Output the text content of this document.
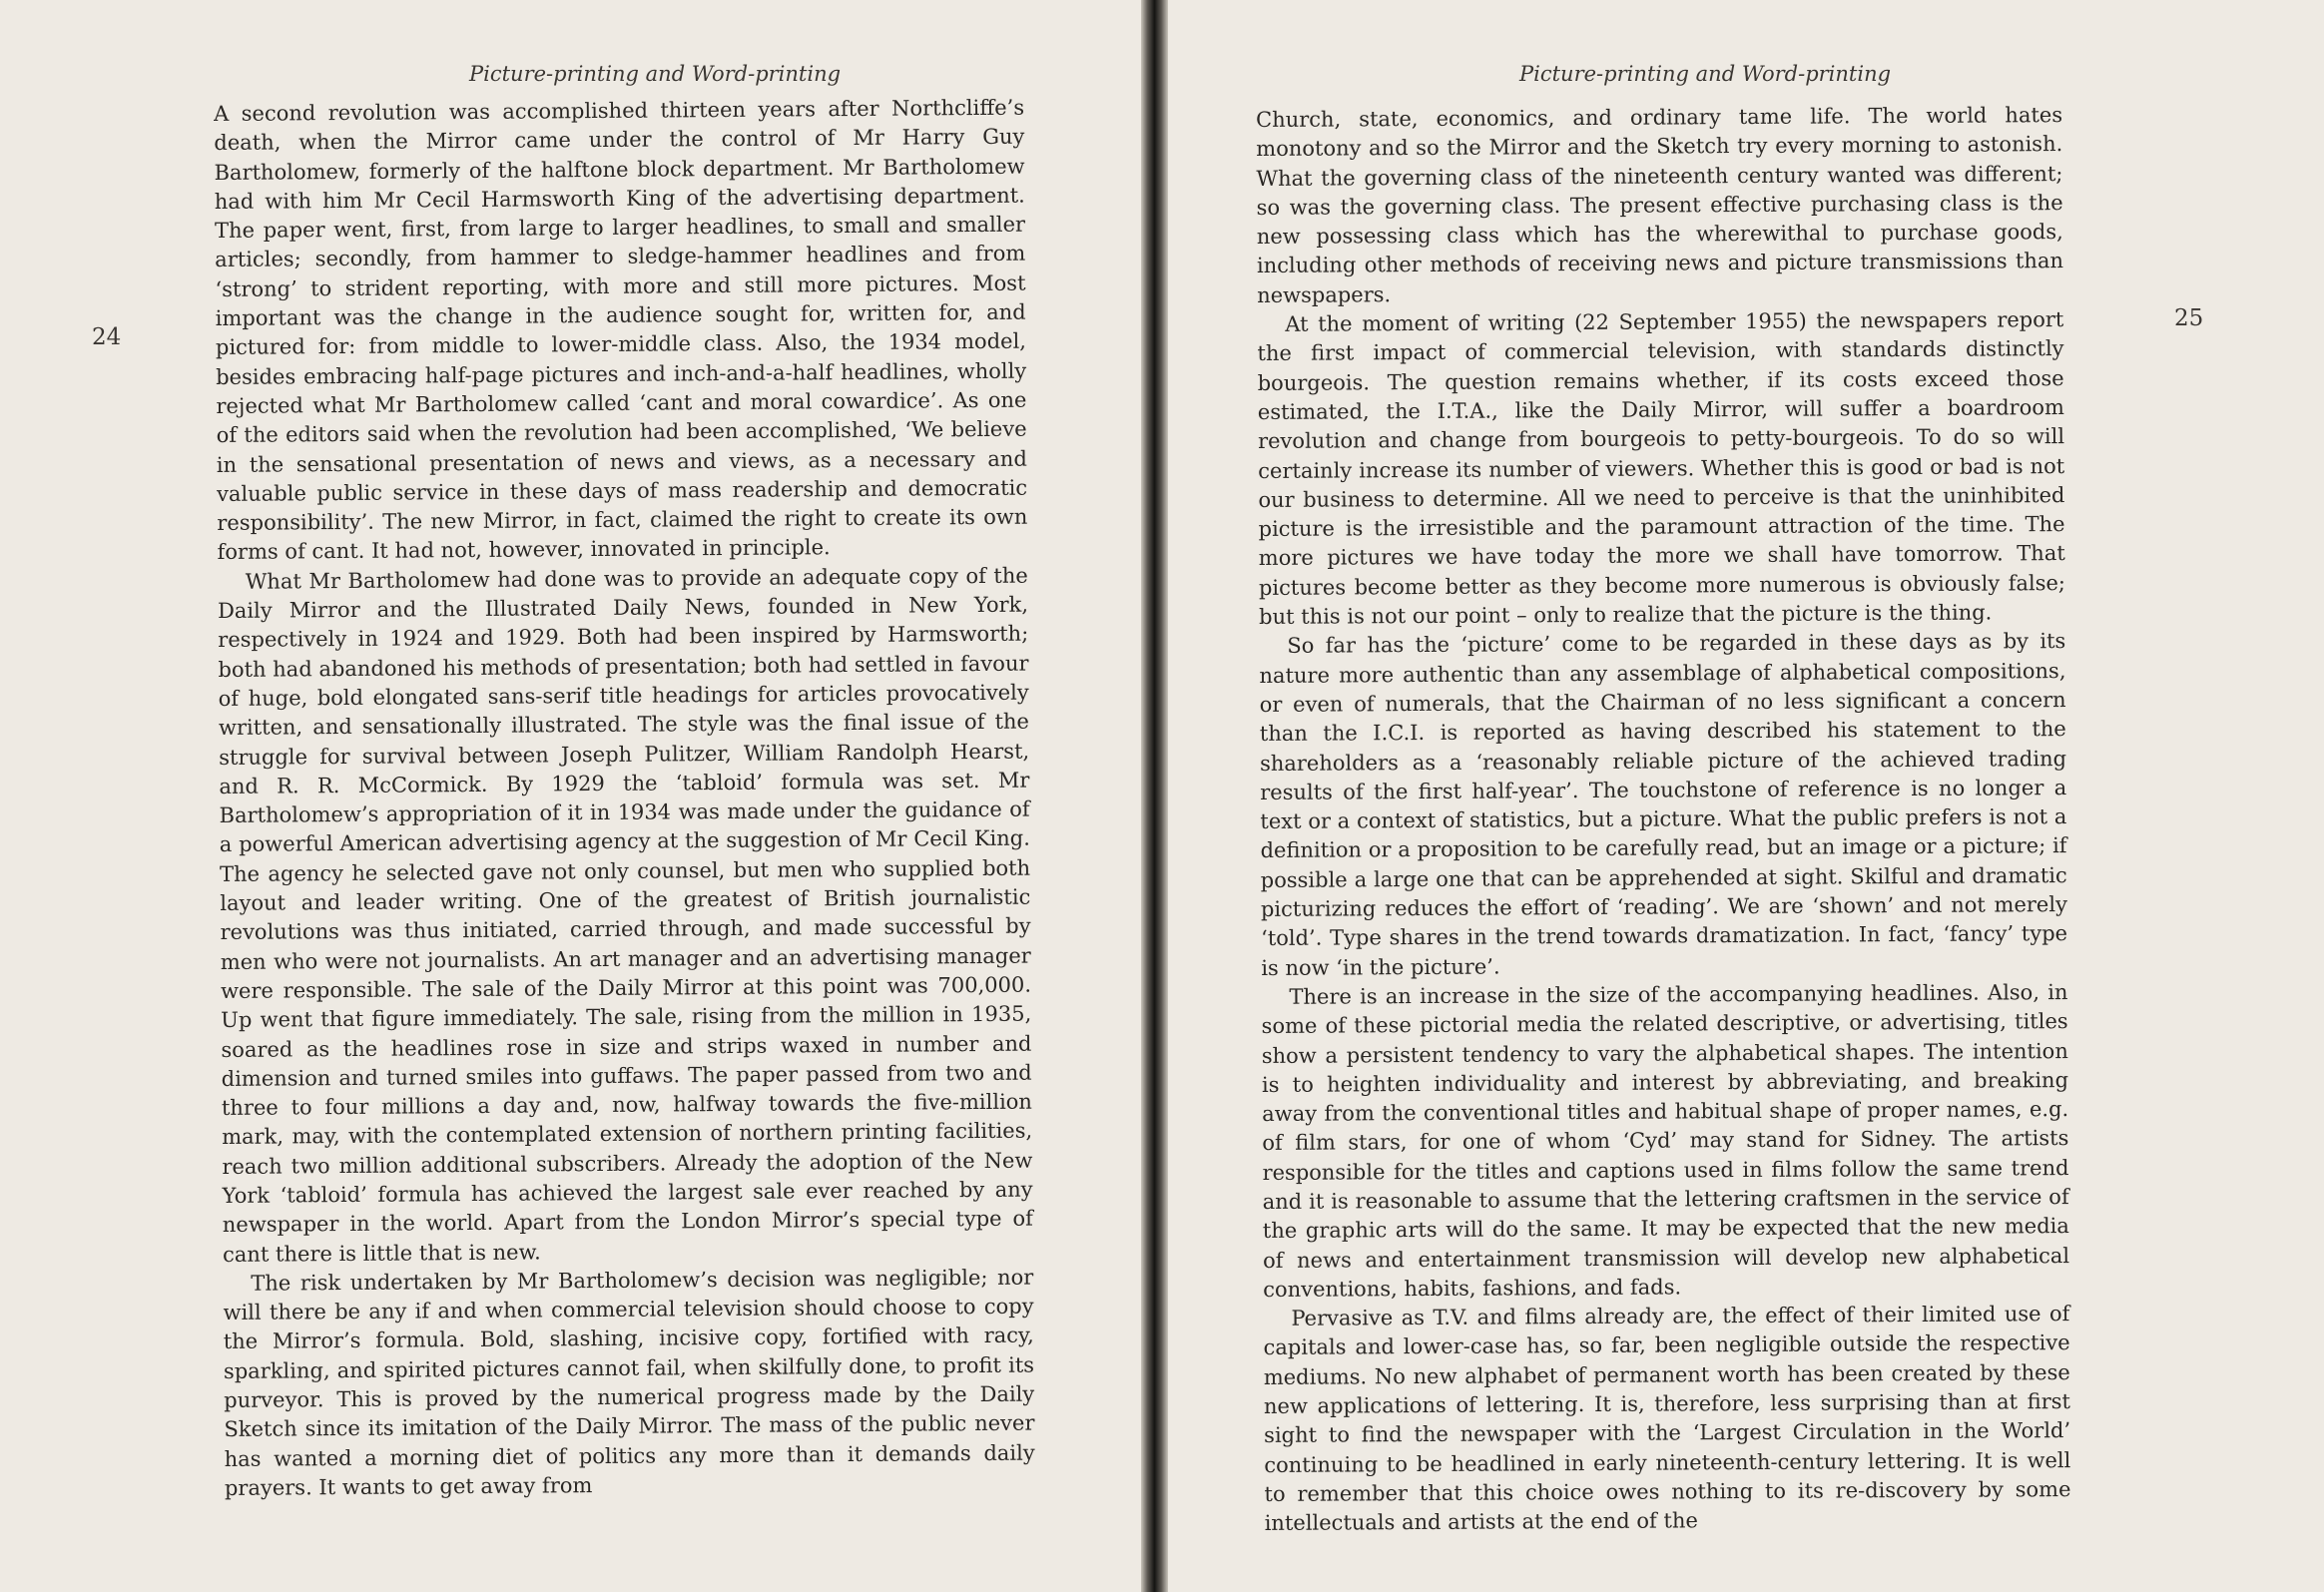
Picture-printing and Word-printing
24

A second revolution was accomplished thirteen years after Northcliffe’s death, when the Mirror came under the control of Mr Harry Guy Bartholomew, formerly of the halftone block department. Mr Bartholomew had with him Mr Cecil Harmsworth King of the advertising department. The paper went, first, from large to larger headlines, to small and smaller articles; secondly, from hammer to sledge-hammer headlines and from ‘strong’ to strident reporting, with more and still more pictures. Most important was the change in the audience sought for, written for, and pictured for: from middle to lower-middle class. Also, the 1934 model, besides embracing half-page pictures and inch-and-a-half headlines, wholly rejected what Mr Bartholomew called ‘cant and moral cowardice’. As one of the editors said when the revolution had been accomplished, ‘We believe in the sensational presentation of news and views, as a necessary and valuable public service in these days of mass readership and democratic responsibility’. The new Mirror, in fact, claimed the right to create its own forms of cant. It had not, however, innovated in principle.

What Mr Bartholomew had done was to provide an adequate copy of the Daily Mirror and the Illustrated Daily News, founded in New York, respectively in 1924 and 1929. Both had been inspired by Harmsworth; both had abandoned his methods of presentation; both had settled in favour of huge, bold elongated sans-serif title headings for articles provocatively written, and sensationally illustrated. The style was the final issue of the struggle for survival between Joseph Pulitzer, William Randolph Hearst, and R. R. McCormick. By 1929 the ‘tabloid’ formula was set. Mr Bartholomew’s appropriation of it in 1934 was made under the guidance of a powerful American advertising agency at the suggestion of Mr Cecil King. The agency he selected gave not only counsel, but men who supplied both layout and leader writing. One of the greatest of British journalistic revolutions was thus initiated, carried through, and made successful by men who were not journalists. An art manager and an advertising manager were responsible. The sale of the Daily Mirror at this point was 700,000. Up went that figure immediately. The sale, rising from the million in 1935, soared as the headlines rose in size and strips waxed in number and dimension and turned smiles into guffaws. The paper passed from two and three to four millions a day and, now, halfway towards the five-million mark, may, with the contemplated extension of northern printing facilities, reach two million additional subscribers. Already the adoption of the New York ‘tabloid’ formula has achieved the largest sale ever reached by any newspaper in the world. Apart from the London Mirror’s special type of cant there is little that is new.

The risk undertaken by Mr Bartholomew’s decision was negligible; nor will there be any if and when commercial television should choose to copy the Mirror’s formula. Bold, slashing, incisive copy, fortified with racy, sparkling, and spirited pictures cannot fail, when skilfully done, to profit its purveyor. This is proved by the numerical progress made by the Daily Sketch since its imitation of the Daily Mirror. The mass of the public never has wanted a morning diet of politics any more than it demands daily prayers. It wants to get away from

Picture-printing and Word-printing
25

Church, state, economics, and ordinary tame life. The world hates monotony and so the Mirror and the Sketch try every morning to astonish. What the governing class of the nineteenth century wanted was different; so was the governing class. The present effective purchasing class is the new possessing class which has the wherewithal to purchase goods, including other methods of receiving news and picture transmissions than newspapers.

At the moment of writing (22 September 1955) the newspapers report the first impact of commercial television, with standards distinctly bourgeois. The question remains whether, if its costs exceed those estimated, the I.T.A., like the Daily Mirror, will suffer a boardroom revolution and change from bourgeois to petty-bourgeois. To do so will certainly increase its number of viewers. Whether this is good or bad is not our business to determine. All we need to perceive is that the uninhibited picture is the irresistible and the paramount attraction of the time. The more pictures we have today the more we shall have tomorrow. That pictures become better as they become more numerous is obviously false; but this is not our point – only to realize that the picture is the thing.

So far has the ‘picture’ come to be regarded in these days as by its nature more authentic than any assemblage of alphabetical compositions, or even of numerals, that the Chairman of no less significant a concern than the I.C.I. is reported as having described his statement to the shareholders as a ‘reasonably reliable picture of the achieved trading results of the first half-year’. The touchstone of reference is no longer a text or a context of statistics, but a picture. What the public prefers is not a definition or a proposition to be carefully read, but an image or a picture; if possible a large one that can be apprehended at sight. Skilful and dramatic picturizing reduces the effort of ‘reading’. We are ‘shown’ and not merely ‘told’. Type shares in the trend towards dramatization. In fact, ‘fancy’ type is now ‘in the picture’.

There is an increase in the size of the accompanying headlines. Also, in some of these pictorial media the related descriptive, or advertising, titles show a persistent tendency to vary the alphabetical shapes. The intention is to heighten individuality and interest by abbreviating, and breaking away from the conventional titles and habitual shape of proper names, e.g. of film stars, for one of whom ‘Cyd’ may stand for Sidney. The artists responsible for the titles and captions used in films follow the same trend and it is reasonable to assume that the lettering craftsmen in the service of the graphic arts will do the same. It may be expected that the new media of news and entertainment transmission will develop new alphabetical conventions, habits, fashions, and fads.

Pervasive as T.V. and films already are, the effect of their limited use of capitals and lower-case has, so far, been negligible outside the respective mediums. No new alphabet of permanent worth has been created by these new applications of lettering. It is, therefore, less surprising than at first sight to find the newspaper with the ‘Largest Circulation in the World’ continuing to be headlined in early nineteenth-century lettering. It is well to remember that this choice owes nothing to its re-discovery by some intellectuals and artists at the end of the
